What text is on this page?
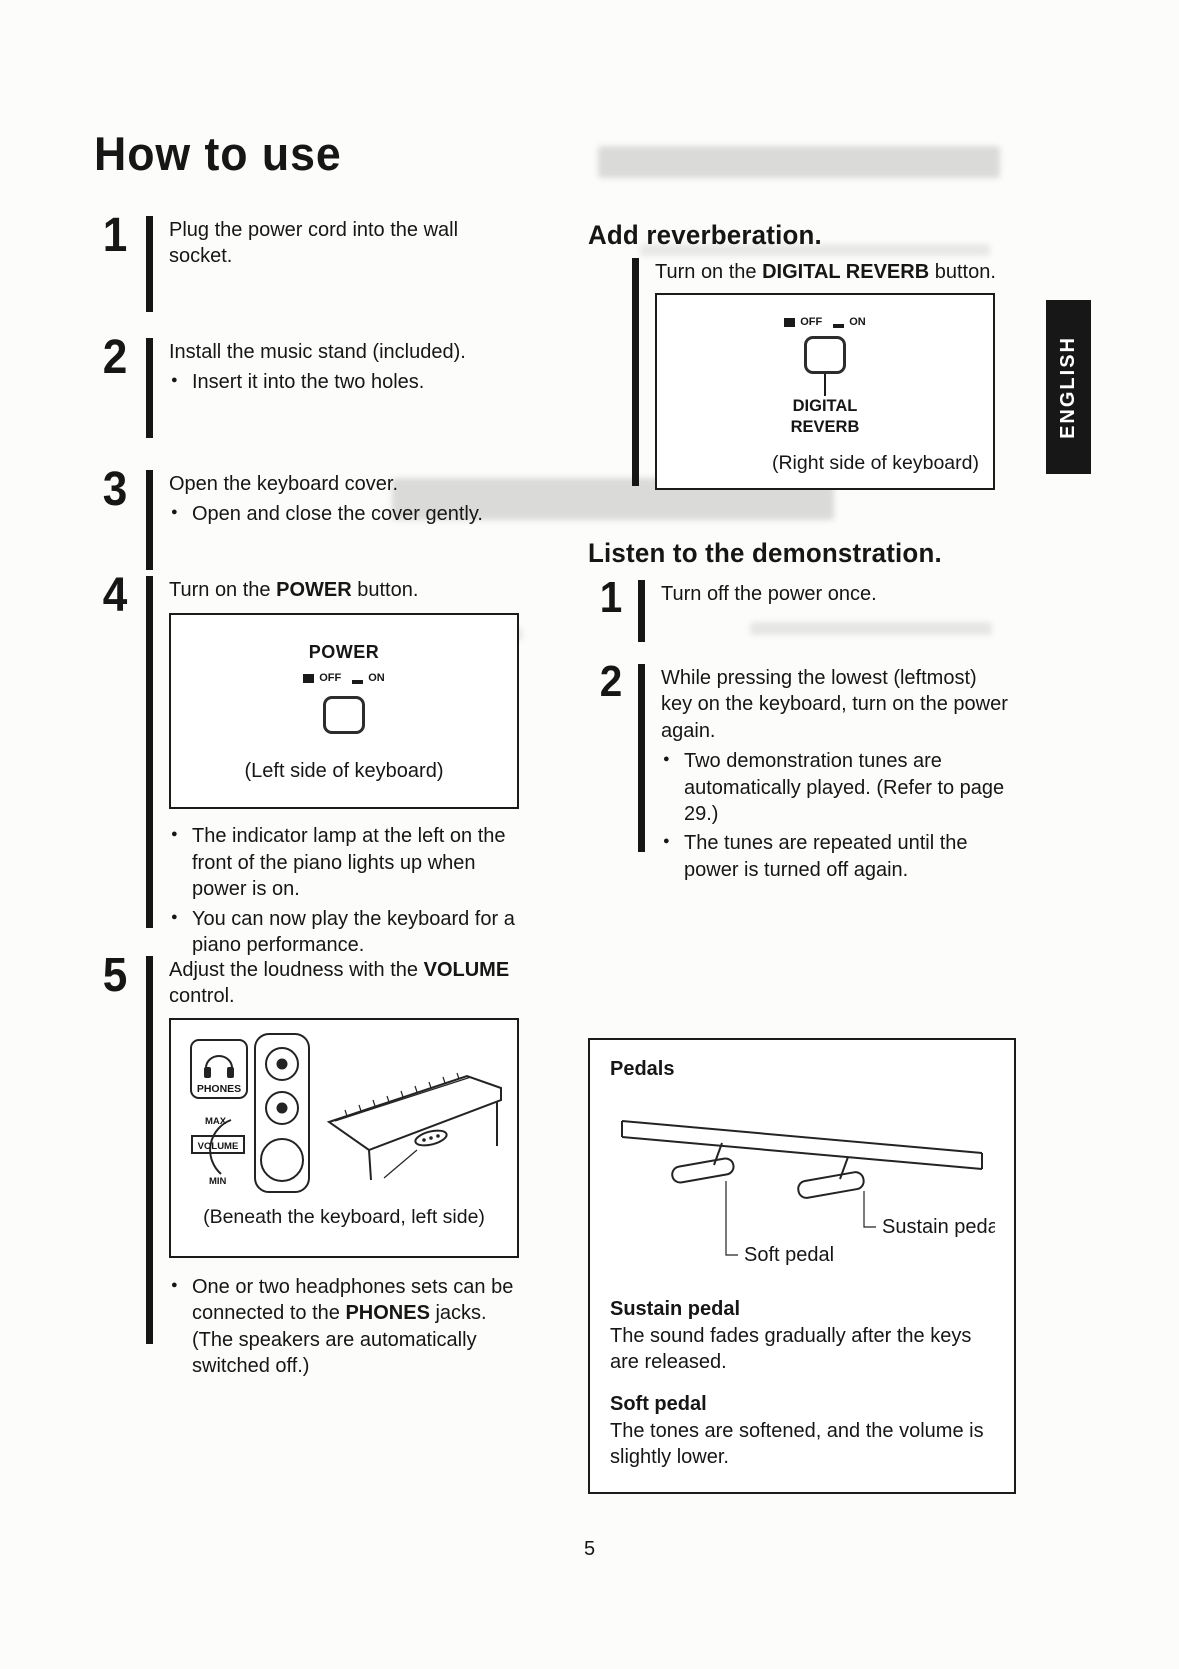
How to use
ENGLISH
1	Plug the power cord into the wall socket.

2	Install the music stand (included).

● Insert it into the two holes.
3	Open the keyboard cover.

● Open and close the cover gently.
4	Turn on the POWER button.

POWER
OFF ON
(Left side of keyboard)
● The indicator lamp at the left on the front of the piano lights up when power is on.
● You can now play the keyboard for a piano performance.
5	Adjust the loudness with the VOLUME control.

PHONES
MAX
VOLUME
MIN
(Beneath the keyboard, left side)
● One or two headphones sets can be connected to the PHONES jacks. (The speakers are automatically switched off.)
Add reverberation.

Turn on the DIGITAL REVERB button.

OFF ON
DIGITAL
REVERB
(Right side of keyboard)
Listen to the demonstration.
1	Turn off the power once.

2	While pressing the lowest (leftmost) key on the keyboard, turn on the power again.

● Two demonstration tunes are automatically played. (Refer to page 29.)
● The tunes are repeated until the power is turned off again.
Pedals
Sustain pedal
Soft pedal

Sustain pedal

The sound fades gradually after the keys are released.

Soft pedal

The tones are softened, and the volume is slightly lower.

5
